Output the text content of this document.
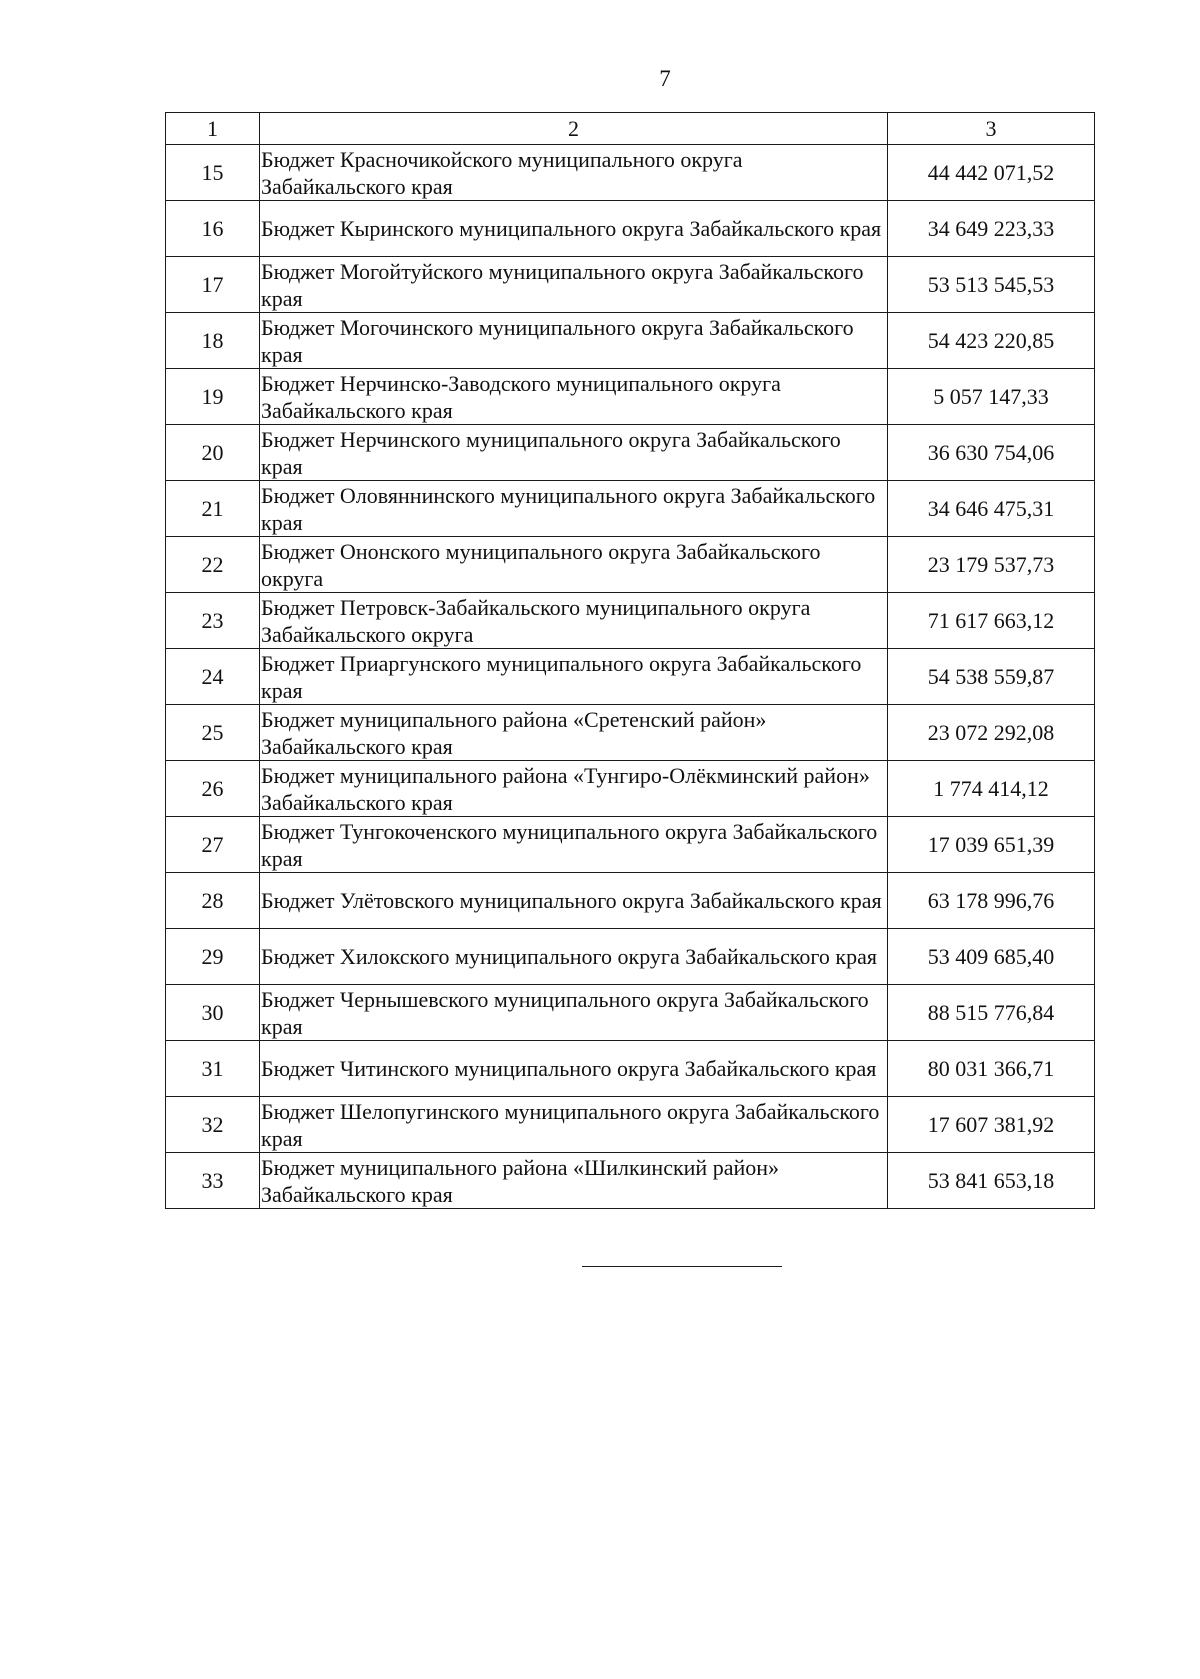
7
1	2	3
15	Бюджет Красночикойского муниципального округа Забайкальского края	44 442 071,52
16	Бюджет Кыринского муниципального округа Забайкальского края	34 649 223,33
17	Бюджет Могойтуйского муниципального округа Забайкальского края	53 513 545,53
18	Бюджет Могочинского муниципального округа Забайкальского края	54 423 220,85
19	Бюджет Нерчинско-Заводского муниципального округа Забайкальского края	5 057 147,33
20	Бюджет Нерчинского муниципального округа Забайкальского края	36 630 754,06
21	Бюджет Оловяннинского муниципального округа Забайкальского края	34 646 475,31
22	Бюджет Ононского муниципального округа Забайкальского округа	23 179 537,73
23	Бюджет Петровск-Забайкальского муниципального округа Забайкальского округа	71 617 663,12
24	Бюджет Приаргунского муниципального округа Забайкальского края	54 538 559,87
25	Бюджет муниципального района «Сретенский район» Забайкальского края	23 072 292,08
26	Бюджет муниципального района «Тунгиро-Олёкминский район» Забайкальского края	1 774 414,12
27	Бюджет Тунгокоченского муниципального округа Забайкальского края	17 039 651,39
28	Бюджет Улётовского муниципального округа Забайкальского края	63 178 996,76
29	Бюджет Хилокского муниципального округа Забайкальского края	53 409 685,40
30	Бюджет Чернышевского муниципального округа Забайкальского края	88 515 776,84
31	Бюджет Читинского муниципального округа Забайкальского края	80 031 366,71
32	Бюджет Шелопугинского муниципального округа Забайкальского края	17 607 381,92
33	Бюджет муниципального района «Шилкинский район» Забайкальского края	53 841 653,18
